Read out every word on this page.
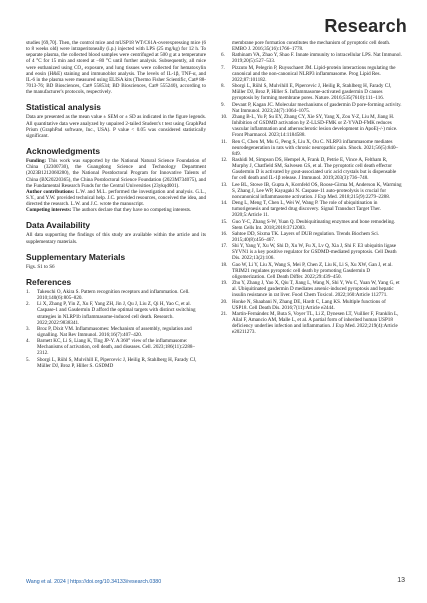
Research

studies [69,70]. Then, the control mice and mUSP18 WT/C61A-overexpressing mice (6 to 8 weeks old) were intraperitoneally (i.p.) injected with LPS (25 mg/kg) for 12 h. To separate plasma, the collected blood samples were centrifuged at 500 g at a temperature of 4 °C for 15 min and stored at −80 °C until further analysis. Subsequently, all mice were euthanized using CO₂ exposure, and lung tissues were collected for hematoxylin and eosin (H&E) staining and immunoblot analysis. The levels of IL-1β, TNF-α, and IL-6 in the plasma were measured using ELISA kits (Thermo Fisher Scientific, Cat# 88-7013-76; BD Biosciences, Cat# 558534; BD Biosciences, Cat# 555240), according to the manufacturer's protocols, respectively.

Statistical analysis

Data are presented as the mean value ± SEM or ± SD as indicated in the figure legends. All quantitative data were analyzed by unpaired 2-tailed Student's t test using GraphPad Prism (GraphPad software, Inc., USA). P value < 0.05 was considered statistically significant.

Acknowledgments

Funding: This work was supported by the National Natural Science Foundation of China (32300730), the Guangdong Science and Technology Department (2023B1212060280), the National Postdoctoral Program for Innovative Talents of China (BX20220365), the China Postdoctoral Science Foundation (2023M734075), and the Fundamental Research Funds for the Central Universities (23ykqd001).

Author contributions: L.W. and M.L. performed the investigation and analysis. G.L., S.Y., and Y.W. provided technical help. J.C. provided resources, conceived the idea, and directed the research. L.W. and J.C. wrote the manuscript.

Competing interests: The authors declare that they have no competing interests.

Data Availability

All data supporting the findings of this study are available within the article and its supplementary materials.

Supplementary Materials

Figs. S1 to S6

References
1. Takeuchi O, Akira S. Pattern recognition receptors and inflammation. Cell. 2010;140(6):805–820.
2. Li X, Zhang P, Yin Z, Xu F, Yang ZH, Jin J, Qu J, Liu Z, Qi H, Yao C, et al. Caspase-1 and Gasdermin D afford the optimal targets with distinct switching strategies in NLRP1b inflammasome-induced cell death. Research. 2022;2022:9838341.
3. Broz P, Dixit VM. Inflammasomes: Mechanism of assembly, regulation and signalling. Nat Rev Immunol. 2016;16(7):407–420.
4. Barnett KC, Li S, Liang K, Ting JP-Y. A 360° view of the inflammasome: Mechanisms of activation, cell death, and diseases. Cell. 2023;186(11):2288–2312.
5. Sborgi L, Rühl S, Mulvihill E, Pipercevic J, Heilig R, Stahlberg H, Farady CJ, Müller DJ, Broz P, Hiller S. GSDMD
membrane pore formation constitutes the mechanism of pyroptotic cell death. EMBO J. 2016;35(16):1766–1778.
6. Rathinam VA, Zhao Y, Shao F. Innate immunity to intracellular LPS. Nat Immunol. 2019;20(5):527–533.
7. Pizzuto M, Pelegrin P, Ruysschaert JM. Lipid-protein interactions regulating the canonical and the non-canonical NLRP3 inflammasome. Prog Lipid Res. 2022;87:101182.
8. Sborgi L, Rühl S, Mulvihill E, Pipercevic J, Heilig R, Stahlberg H, Farady CJ, Müller DJ, Broz P, Hiller S. Inflammasome-activated gasdermin D causes pyroptosis by forming membrane pores. Nature. 2016;535(7610):111–116.
9. Devant P, Kagan JC. Molecular mechanisms of gasdermin D pore-forming activity. Nat Immunol. 2023;24(7):1064–1075.
10. Zhang B-L, Yu P, Su EY, Zhang CY, Xie SY, Yang X, Zou Y-Z, Liu M, Jiang H. Inhibition of GSDMD activation by Z-LLSD-FMK or Z-YVAD-FMK reduces vascular inflammation and atherosclerotic lesion development in ApoE(-/-) mice. Front Pharmacol. 2023;14:1184588.
11. Ren C, Chen M, Mu G, Peng S, Liu X, Ou C. NLRP3 inflammasome mediates neurodegeneration in rats with chronic neuropathic pain. Shock. 2021;56(5):840–849.
12. Rashidi M, Simpson DS, Hempel A, Frank D, Petrie E, Vince A, Feltham R, Murphy J, Chatfield SM, Salvesen GS, et al. The pyroptotic cell death effector Gasdermin D is activated by gout-associated uric acid crystals but is dispensable for cell death and IL-1β release. J Immunol. 2019;203(3):736–748.
13. Lee BL, Stowe IB, Gupta A, Kornfeld OS, Roose-Girma M, Anderson K, Warming S, Zhang J, Lee WP, Kayagaki N. Caspase-11 auto-proteolysis is crucial for noncanonical inflammasome activation. J Exp Med. 2018;215(9):2279–2288.
14. Deng L, Meng T, Chen L, Wei W, Wang P. The role of ubiquitination in tumorigenesis and targeted drug discovery. Signal Transduct Target Ther. 2020;5:Article 11.
15. Guo Y-C, Zhang S-W, Yuan Q. Deubiquitinating enzymes and bone remodeling. Stem Cells Int. 2018;2018:3712083.
16. Sahtoe DD, Sixma TK. Layers of DUB regulation. Trends Biochem Sci. 2015;40(8):456–467.
17. Shi Y, Yang Y, Xu W, Shi D, Xu W, Fu X, Lv Q, Xia J, Shi F. E3 ubiquitin ligase SYVN1 is a key positive regulator for GSDMD-mediated pyroptosis. Cell Death Dis. 2022;13(2):106.
18. Gao W, Li Y, Liu X, Wang S, Mei P, Chen Z, Liu K, Li S, Xu XW, Gan J, et al. TRIM21 regulates pyroptotic cell death by promoting Gasdermin D oligomerization. Cell Death Differ. 2022;29:439–450.
19. Zhu Y, Zhang J, Yao X, Qiu T, Jiang L, Wang N, Shi Y, Wu C, Yuan W, Yang G, et al. Ubiquitinated gasdermin D mediates arsenic-induced pyroptosis and hepatic insulin resistance in rat liver. Food Chem Toxicol. 2022;160:Article 112771.
20. Honke N, Shaabani N, Zhang DE, Hardt C, Lang KS. Multiple functions of USP18. Cell Death Dis. 2016;7(11):Article e2444.
21. Martín-Fernández M, Buta S, Voyer TL, Li Z, Dynesen LT, Vuillier F, Franklin L, Ailal F, Amancio AM, Malle L, et al. A partial form of inherited human USP18 deficiency underlies infection and inflammation. J Exp Med. 2022;219(4):Article e20211273.
Wang et al. 2024 | https://doi.org/10.34133/research.0380	13
